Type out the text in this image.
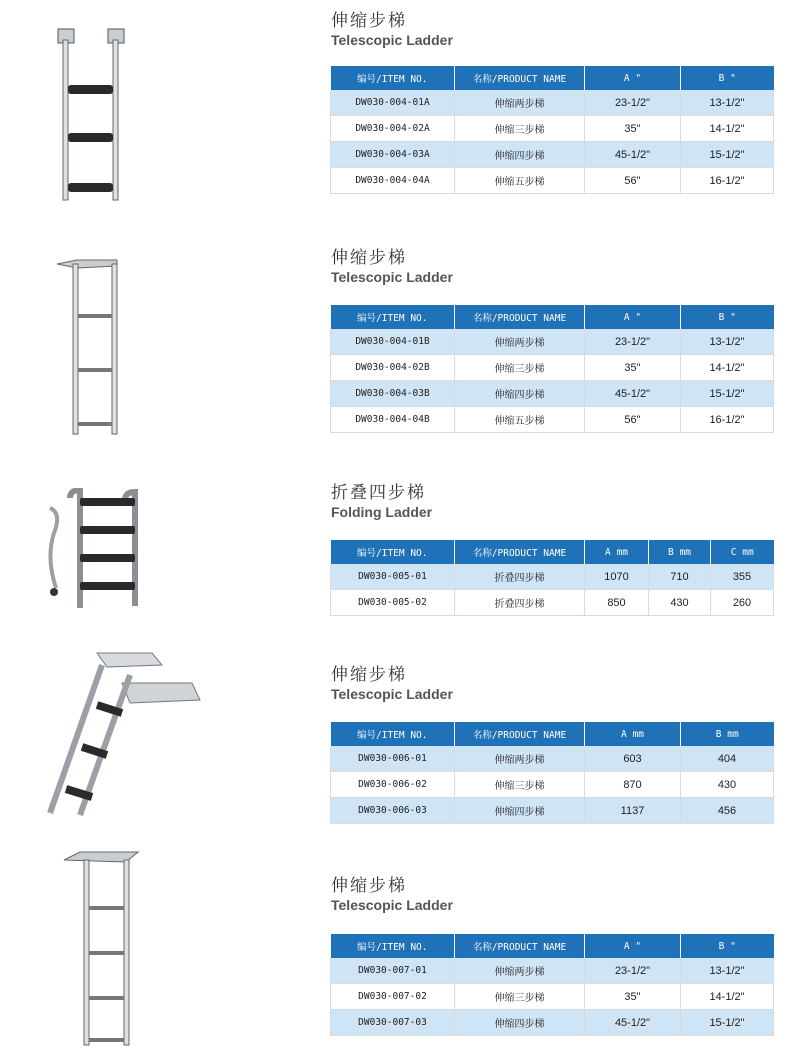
伸缩步梯
Telescopic Ladder
编号/ITEM NO.	名称/PRODUCT NAME	A "	B "
DW030-004-01A	伸缩两步梯	23-1/2"	13-1/2"
DW030-004-02A	伸缩三步梯	35"	14-1/2"
DW030-004-03A	伸缩四步梯	45-1/2"	15-1/2"
DW030-004-04A	伸缩五步梯	56"	16-1/2"
伸缩步梯
Telescopic Ladder
编号/ITEM NO.	名称/PRODUCT NAME	A "	B "
DW030-004-01B	伸缩两步梯	23-1/2"	13-1/2"
DW030-004-02B	伸缩三步梯	35"	14-1/2"
DW030-004-03B	伸缩四步梯	45-1/2"	15-1/2"
DW030-004-04B	伸缩五步梯	56"	16-1/2"
折叠四步梯
Folding Ladder
编号/ITEM NO.	名称/PRODUCT NAME	A mm	B mm	C mm
DW030-005-01	折叠四步梯	1070	710	355
DW030-005-02	折叠四步梯	850	430	260
伸缩步梯
Telescopic Ladder
编号/ITEM NO.	名称/PRODUCT NAME	A mm	B mm
DW030-006-01	伸缩两步梯	603	404
DW030-006-02	伸缩三步梯	870	430
DW030-006-03	伸缩四步梯	1137	456
伸缩步梯
Telescopic Ladder
编号/ITEM NO.	名称/PRODUCT NAME	A "	B "
DW030-007-01	伸缩两步梯	23-1/2"	13-1/2"
DW030-007-02	伸缩三步梯	35"	14-1/2"
DW030-007-03	伸缩四步梯	45-1/2"	15-1/2"
